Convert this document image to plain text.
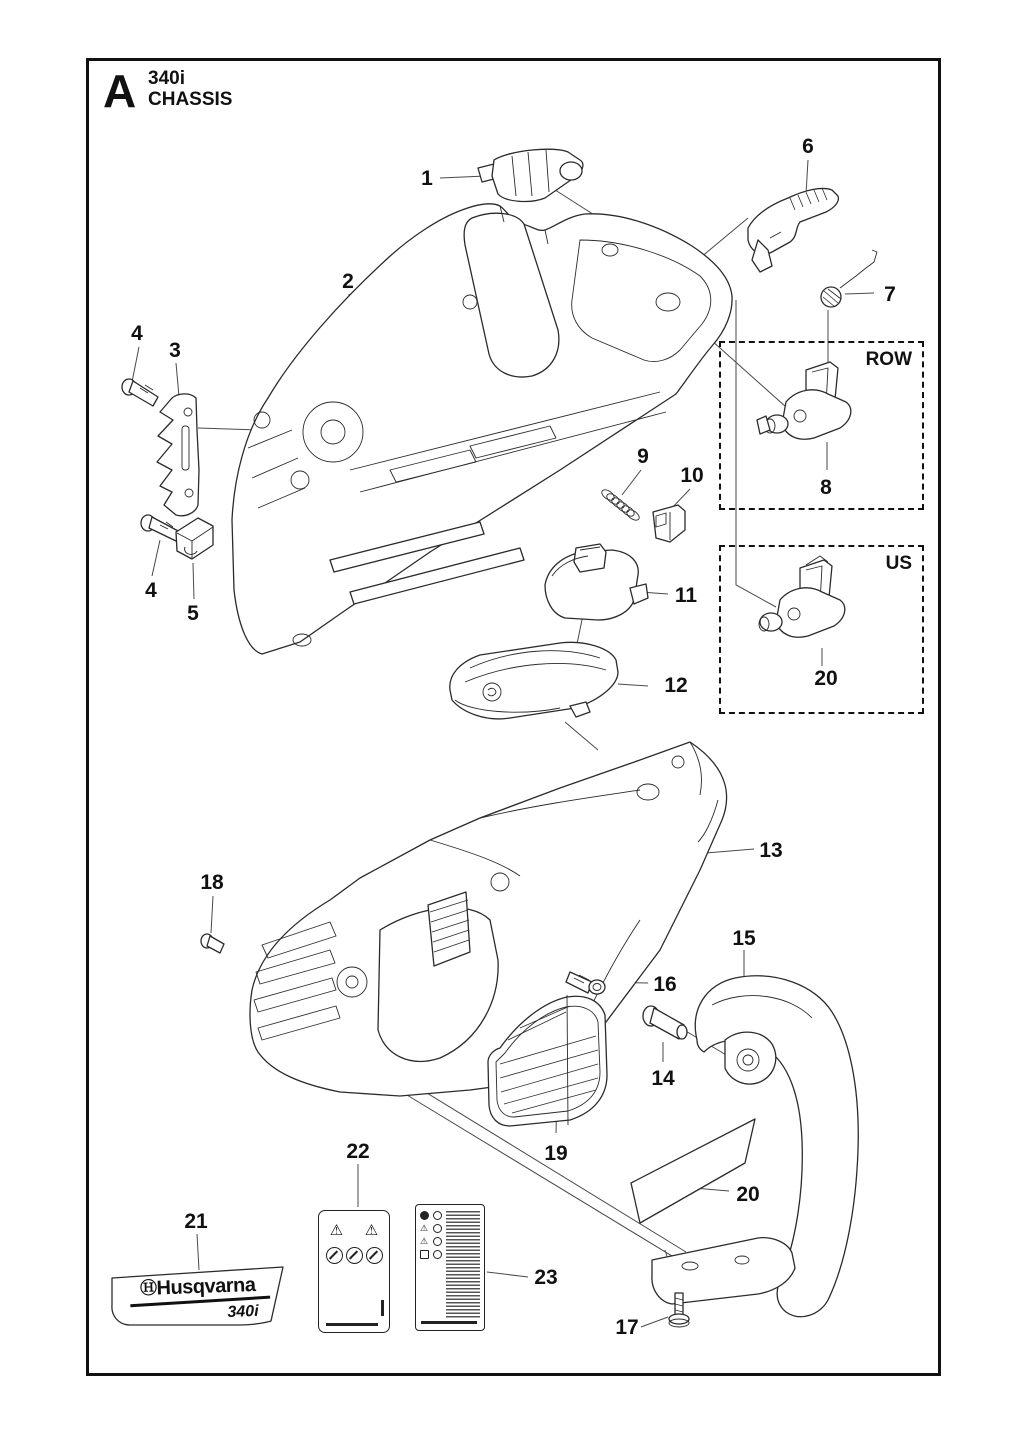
A 340i
CHASSIS
ROW
US
1
2
4
3
4
5
6
7
8
9
10
11
12	20
13
18
15
16
14
19
20
21
22
23
17
ⒽHusqvarna
340i
⚠ ⚠	⚠
⚠
